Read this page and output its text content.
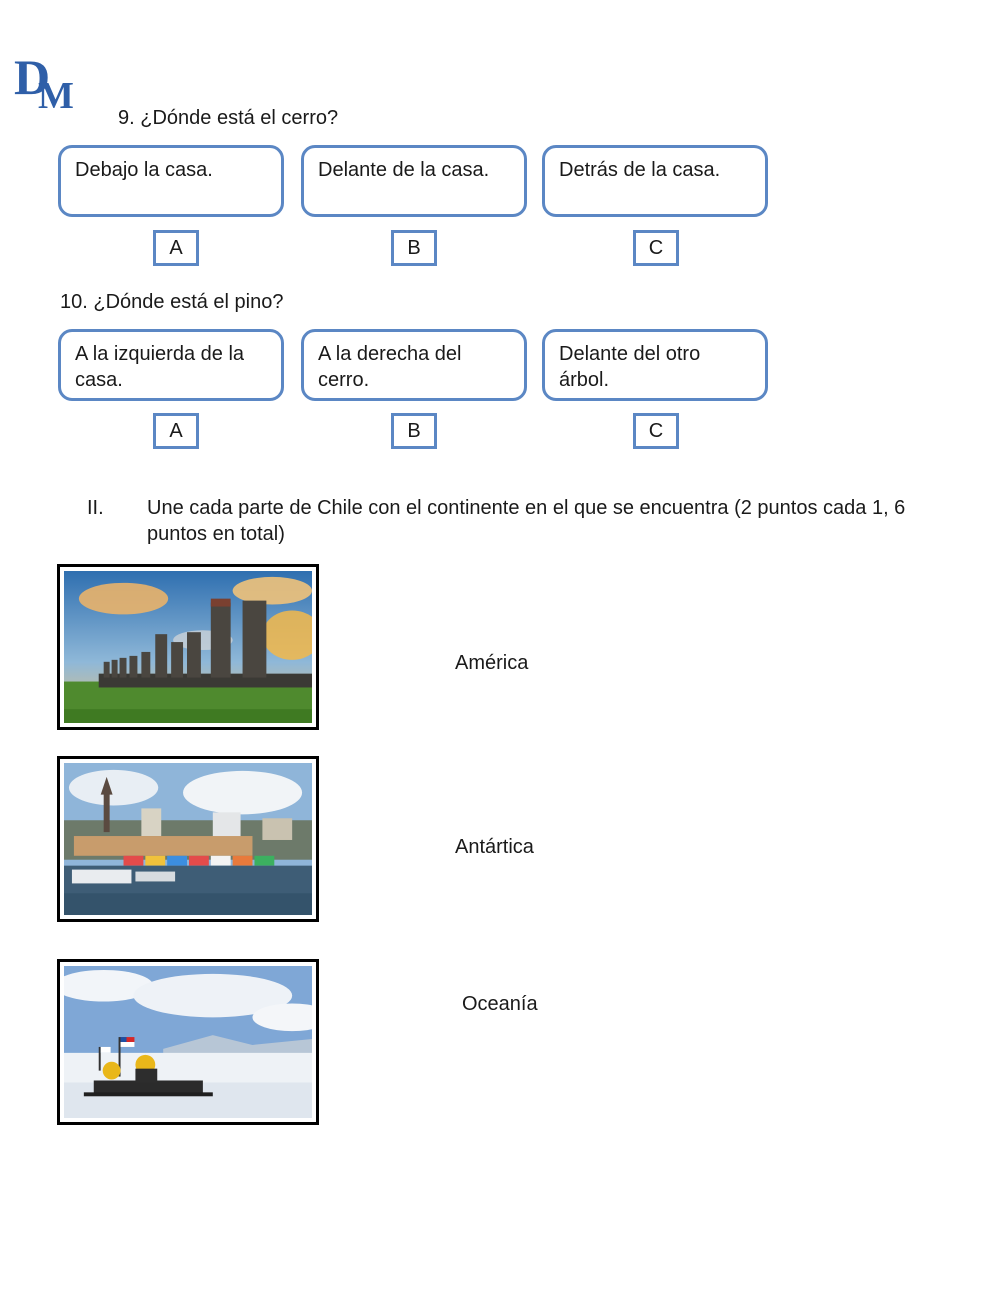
D
M
9. ¿Dónde está el cerro?
Debajo la casa.	Delante de la casa.	Detrás de la casa.
A	B	C
10. ¿Dónde está el pino?
A la izquierda de la casa.
A la derecha del cerro.
Delante del otro árbol.
A	B	C
II. Une cada parte de Chile con el continente en el que se encuentra (2 puntos cada 1, 6 puntos en total)
América
Antártica
Oceanía
